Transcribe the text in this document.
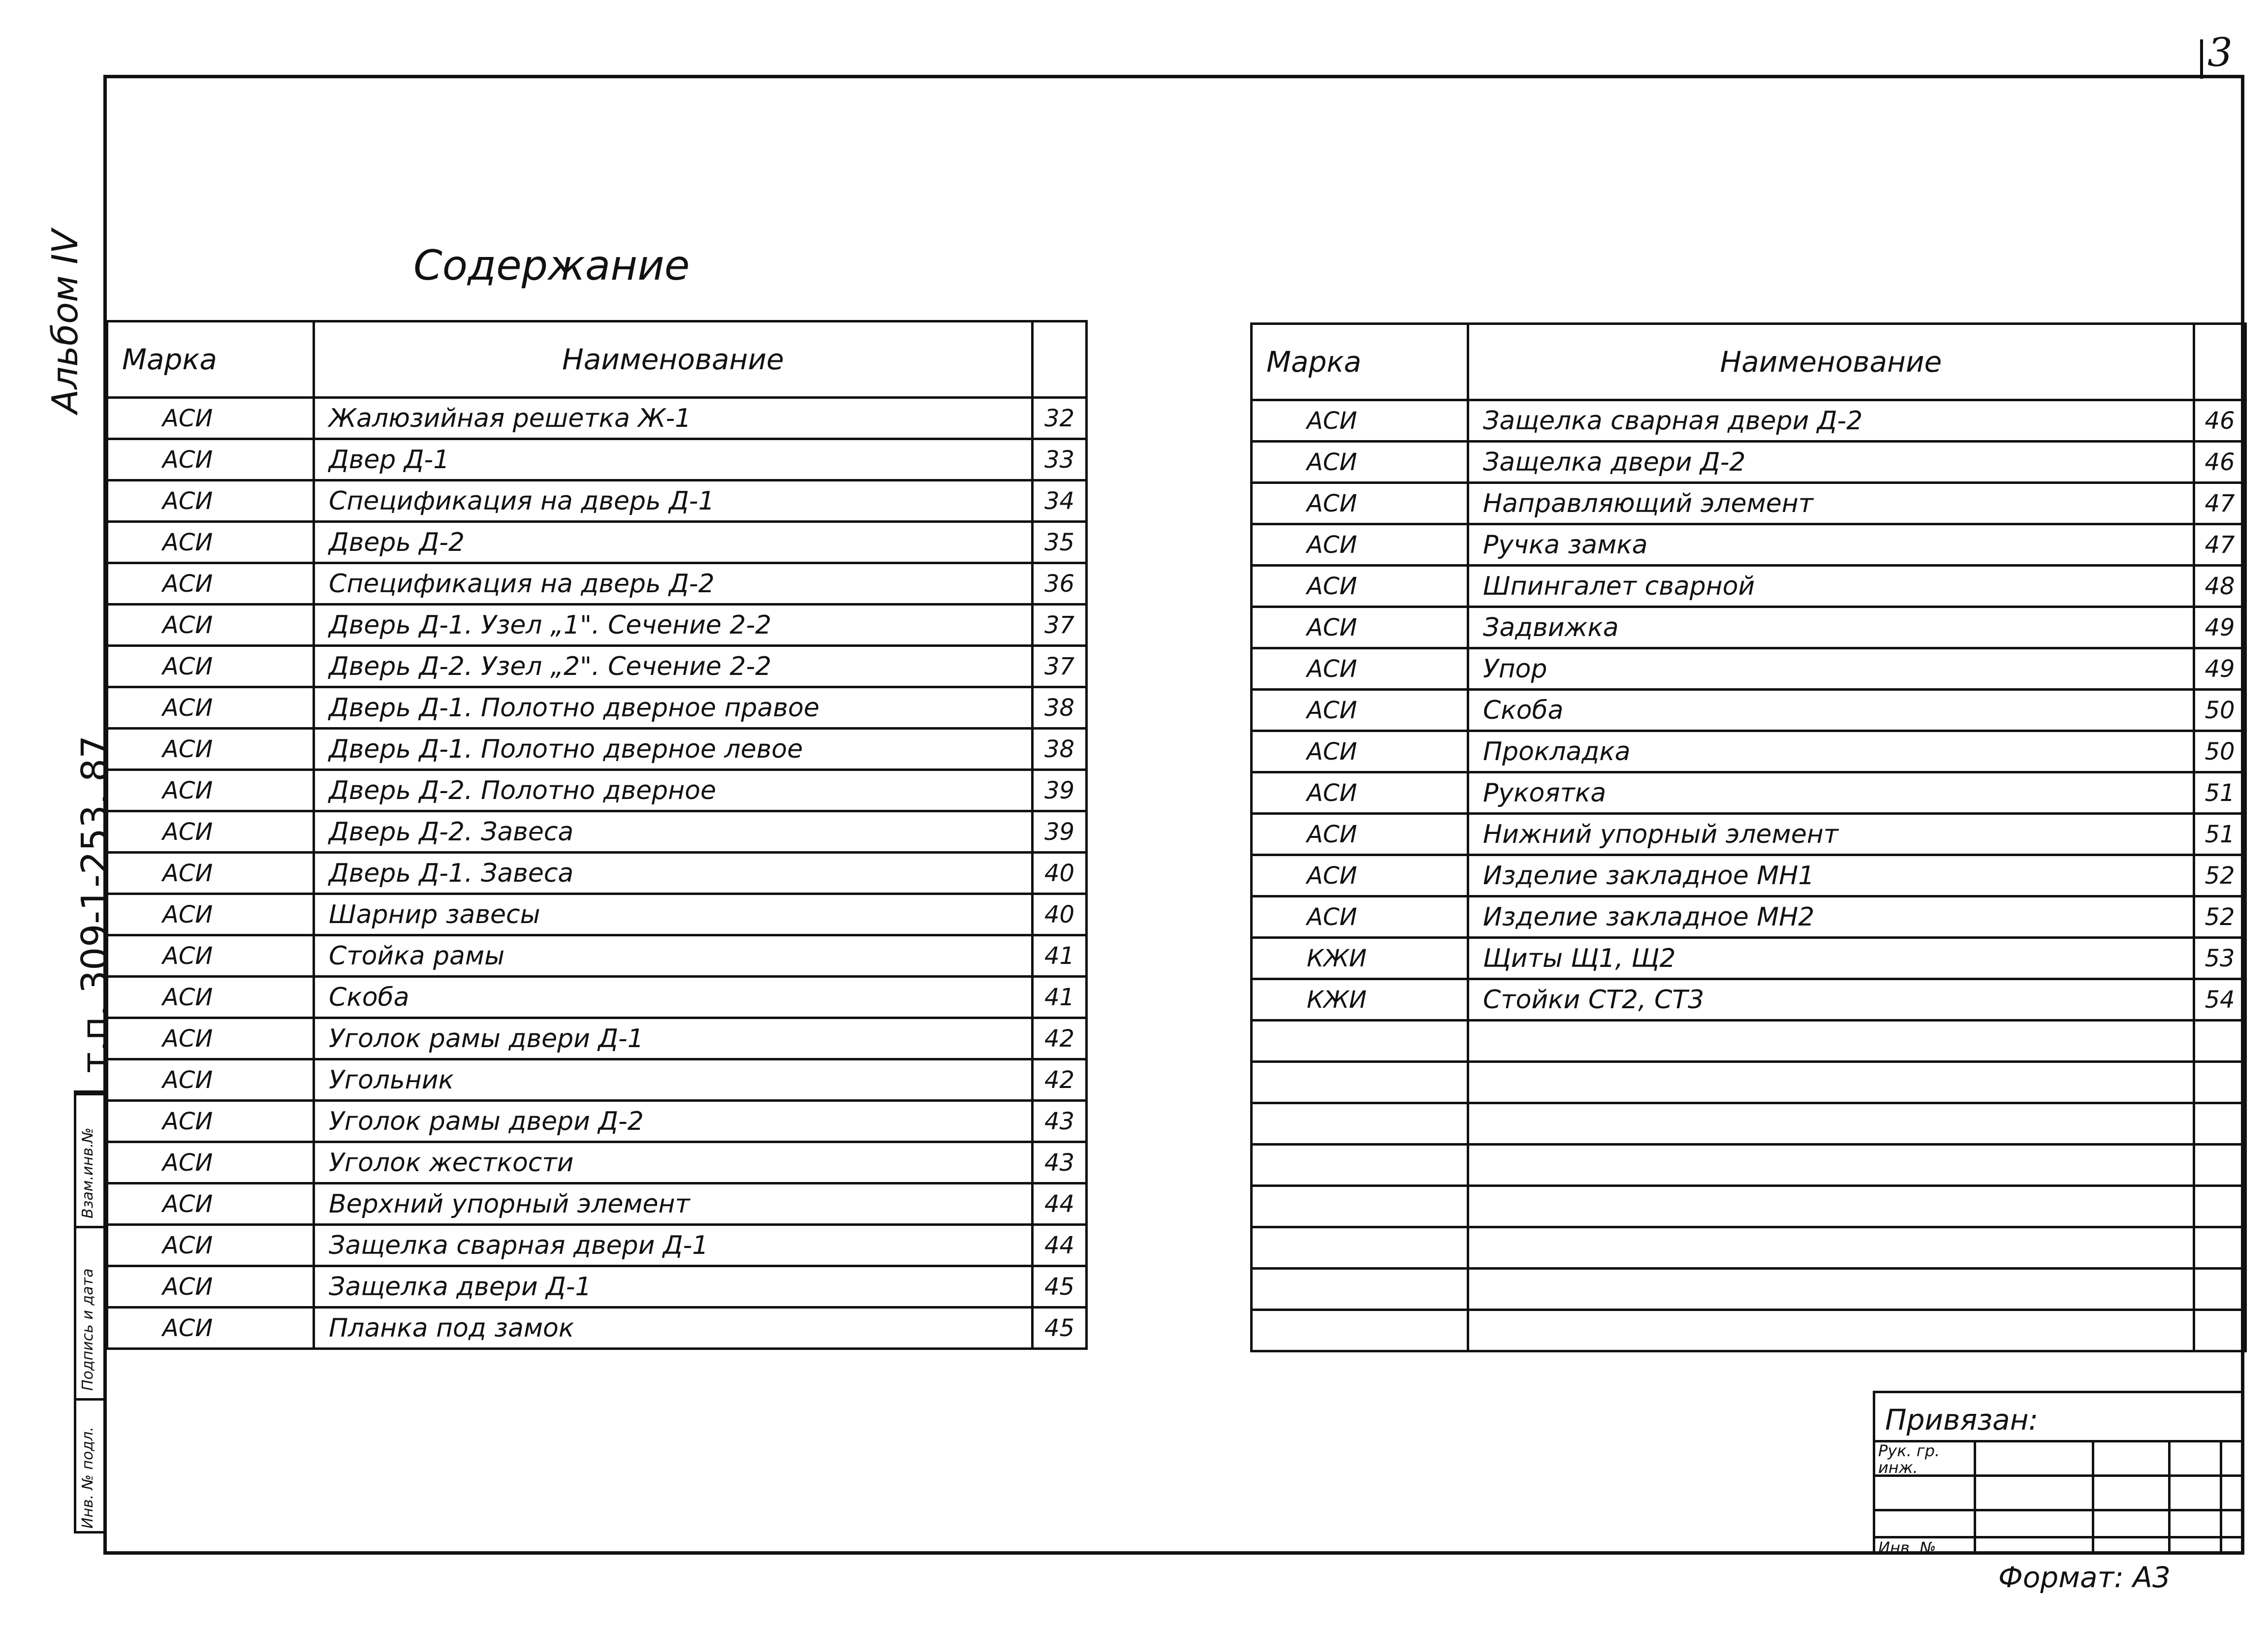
3
Альбом IV
т.п. 309-1-253. 87
Взам.инв.№
Подпись и дата
Инв. № подл.
Содержание
Марка	Наименование	
АСИ	Жалюзийная решетка Ж-1	32
АСИ	Двер Д-1	33
АСИ	Спецификация на дверь Д-1	34
АСИ	Дверь Д-2	35
АСИ	Спецификация на дверь Д-2	36
АСИ	Дверь Д-1. Узел „1". Сечение 2-2	37
АСИ	Дверь Д-2. Узел „2". Сечение 2-2	37
АСИ	Дверь Д-1. Полотно дверное правое	38
АСИ	Дверь Д-1. Полотно дверное левое	38
АСИ	Дверь Д-2. Полотно дверное	39
АСИ	Дверь Д-2. Завеса	39
АСИ	Дверь Д-1. Завеса	40
АСИ	Шарнир завесы	40
АСИ	Стойка рамы	41
АСИ	Скоба	41
АСИ	Уголок рамы двери Д-1	42
АСИ	Угольник	42
АСИ	Уголок рамы двери Д-2	43
АСИ	Уголок жесткости	43
АСИ	Верхний упорный элемент	44
АСИ	Защелка сварная двери Д-1	44
АСИ	Защелка двери Д-1	45
АСИ	Планка под замок	45
Марка	Наименование	
АСИ	Защелка сварная двери Д-2	46
АСИ	Защелка двери Д-2	46
АСИ	Направляющий элемент	47
АСИ	Ручка замка	47
АСИ	Шпингалет сварной	48
АСИ	Задвижка	49
АСИ	Упор	49
АСИ	Скоба	50
АСИ	Прокладка	50
АСИ	Рукоятка	51
АСИ	Нижний упорный элемент	51
АСИ	Изделие закладное МН1	52
АСИ	Изделие закладное МН2	52
КЖИ	Щиты Щ1, Щ2	53
КЖИ	Стойки СТ2, СТ3	54

Привязан:
Рук. гр. инж.
Инв. №
Формат: А3
